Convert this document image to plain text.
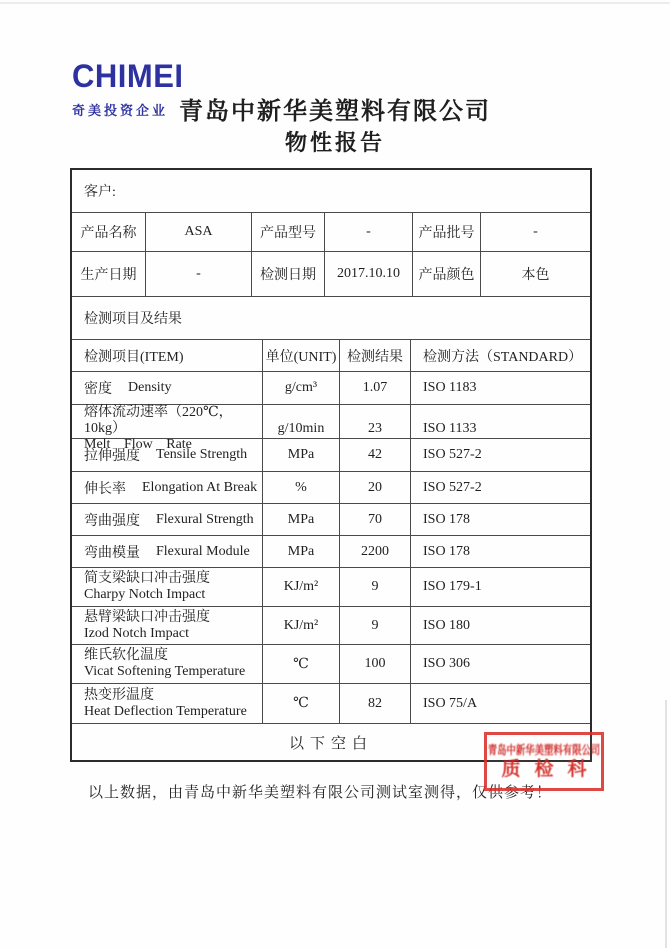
CHIMEI
奇美投资企业 青岛中新华美塑料有限公司
物性报告
客户:
产品名称	ASA	产品型号	-	产品批号	-
生产日期	-	检测日期	2017.10.10	产品颜色	本色
检测项目及结果
检测项目(ITEM)	单位(UNIT) 检测结果	检测方法（STANDARD）
密度 Density	g/cm³	1.07	ISO 1183
熔体流动速率（220℃，10kg）
Melt Flow Rate
g/10min	23	ISO 1133
拉伸强度 Tensile Strength	MPa	42	ISO 527-2
伸长率 Elongation At Break	%	20	ISO 527-2
弯曲强度 Flexural Strength	MPa	70	ISO 178
弯曲模量 Flexural Module	MPa	2200	ISO 178
简支梁缺口冲击强度
Charpy Notch Impact
KJ/m²	9	ISO 179-1
悬臂梁缺口冲击强度
Izod Notch Impact
KJ/m²	9	ISO 180
维氏软化温度
Vicat Softening Temperature	℃	100	ISO 306
热变形温度
Heat Deflection Temperature	℃	82	ISO 75/A
以下空白	青岛中新华美塑料有限公司
质检科
以上数据，由青岛中新华美塑料有限公司测试室测得，仅供参考！
